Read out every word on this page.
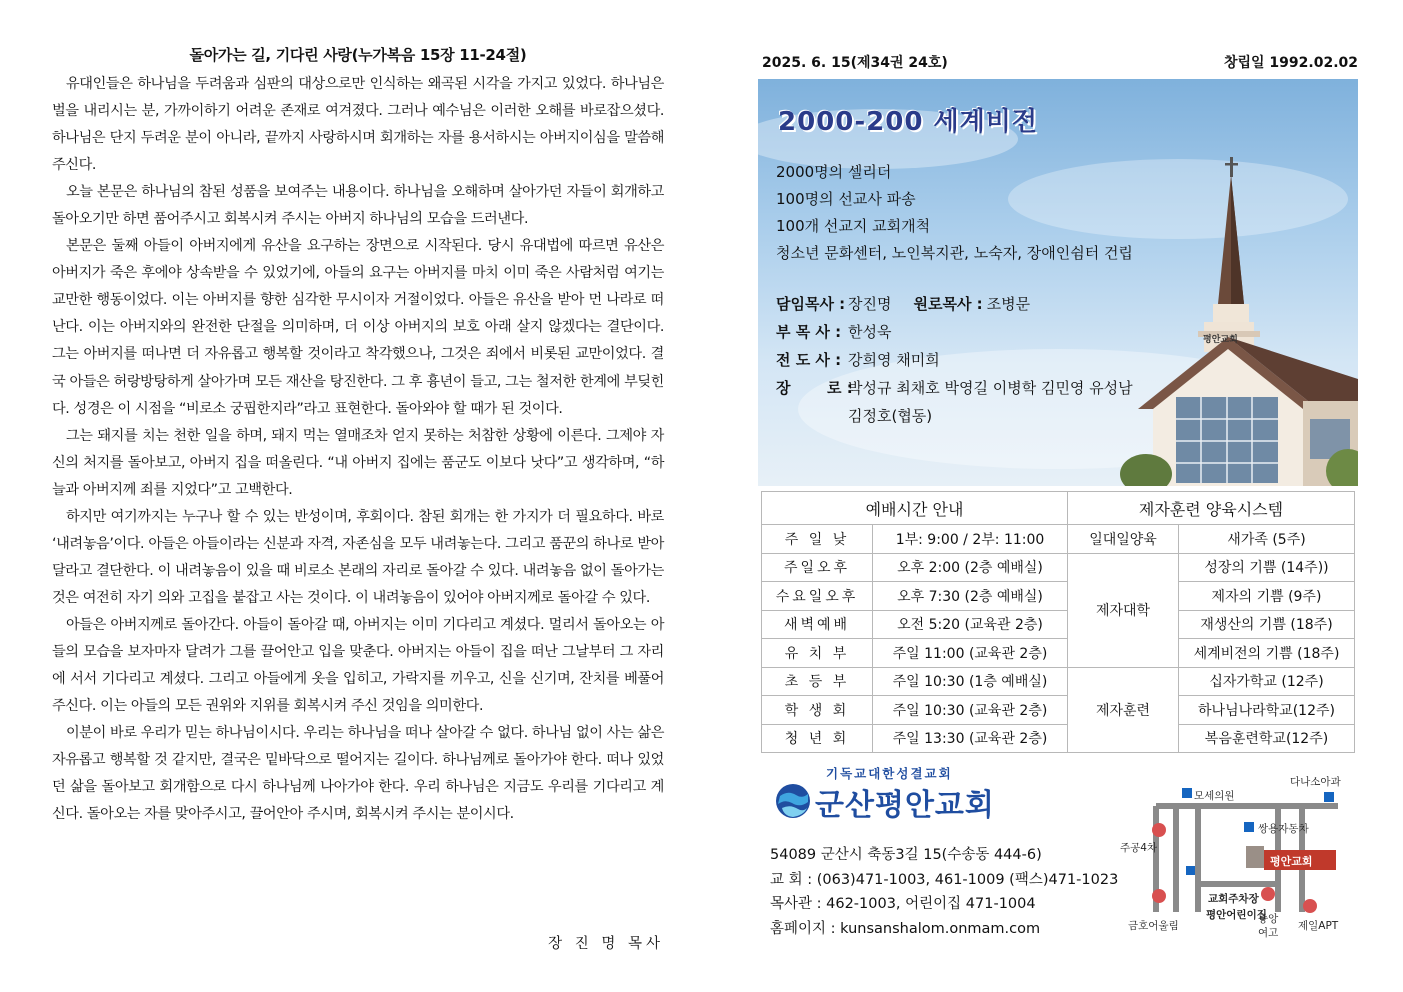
돌아가는 길, 기다린 사랑(누가복음 15장 11-24절)

유대인들은 하나님을 두려움과 심판의 대상으로만 인식하는 왜곡된 시각을 가지고 있었다. 하나님은 벌을 내리시는 분, 가까이하기 어려운 존재로 여겨졌다. 그러나 예수님은 이러한 오해를 바로잡으셨다. 하나님은 단지 두려운 분이 아니라, 끝까지 사랑하시며 회개하는 자를 용서하시는 아버지이심을 말씀해주신다.

오늘 본문은 하나님의 참된 성품을 보여주는 내용이다. 하나님을 오해하며 살아가던 자들이 회개하고 돌아오기만 하면 품어주시고 회복시켜 주시는 아버지 하나님의 모습을 드러낸다.

본문은 둘째 아들이 아버지에게 유산을 요구하는 장면으로 시작된다. 당시 유대법에 따르면 유산은 아버지가 죽은 후에야 상속받을 수 있었기에, 아들의 요구는 아버지를 마치 이미 죽은 사람처럼 여기는 교만한 행동이었다. 이는 아버지를 향한 심각한 무시이자 거절이었다. 아들은 유산을 받아 먼 나라로 떠난다. 이는 아버지와의 완전한 단절을 의미하며, 더 이상 아버지의 보호 아래 살지 않겠다는 결단이다. 그는 아버지를 떠나면 더 자유롭고 행복할 것이라고 착각했으나, 그것은 죄에서 비롯된 교만이었다. 결국 아들은 허랑방탕하게 살아가며 모든 재산을 탕진한다. 그 후 흉년이 들고, 그는 철저한 한계에 부딪힌다. 성경은 이 시점을 “비로소 궁핍한지라”라고 표현한다. 돌아와야 할 때가 된 것이다.

그는 돼지를 치는 천한 일을 하며, 돼지 먹는 열매조차 얻지 못하는 처참한 상황에 이른다. 그제야 자신의 처지를 돌아보고, 아버지 집을 떠올린다. “내 아버지 집에는 품군도 이보다 낫다”고 생각하며, “하늘과 아버지께 죄를 지었다”고 고백한다.

하지만 여기까지는 누구나 할 수 있는 반성이며, 후회이다. 참된 회개는 한 가지가 더 필요하다. 바로 ‘내려놓음’이다. 아들은 아들이라는 신분과 자격, 자존심을 모두 내려놓는다. 그리고 품꾼의 하나로 받아 달라고 결단한다. 이 내려놓음이 있을 때 비로소 본래의 자리로 돌아갈 수 있다. 내려놓음 없이 돌아가는 것은 여전히 자기 의와 고집을 붙잡고 사는 것이다. 이 내려놓음이 있어야 아버지께로 돌아갈 수 있다.

아들은 아버지께로 돌아간다. 아들이 돌아갈 때, 아버지는 이미 기다리고 계셨다. 멀리서 돌아오는 아들의 모습을 보자마자 달려가 그를 끌어안고 입을 맞춘다. 아버지는 아들이 집을 떠난 그날부터 그 자리에 서서 기다리고 계셨다. 그리고 아들에게 옷을 입히고, 가락지를 끼우고, 신을 신기며, 잔치를 베풀어 주신다. 이는 아들의 모든 권위와 지위를 회복시켜 주신 것임을 의미한다.

이분이 바로 우리가 믿는 하나님이시다. 우리는 하나님을 떠나 살아갈 수 없다. 하나님 없이 사는 삶은 자유롭고 행복할 것 같지만, 결국은 밑바닥으로 떨어지는 길이다. 하나님께로 돌아가야 한다. 떠나 있었던 삶을 돌아보고 회개함으로 다시 하나님께 나아가야 한다. 우리 하나님은 지금도 우리를 기다리고 계신다. 돌아오는 자를 맞아주시고, 끌어안아 주시며, 회복시켜 주시는 분이시다.

장 진 명 목사
2025. 6. 15(제34권 24호)	창립일 1992.02.02
평안교회
2000-200 세계비전
2000명의 셀리더
100명의 선교사 파송
100개 선교지 교회개척
청소년 문화센터, 노인복지관, 노숙자, 장애인쉼터 건립
담임목사 : 장진명 원로목사 : 조병문
부 목 사 : 한성욱
전 도 사 : 강희영 채미희
장       로 :
박성규 최채호 박영길 이병학 김민영 유성남
김정호(협동)
예배시간 안내		제자훈련 양육시스템	
주 일 낮	1부: 9:00 / 2부: 11:00	일대일양육	새가족 (5주)
주일오후	오후 2:00 (2층 예배실)	제자대학	성장의 기쁨 (14주))
수요일오후	오후 7:30 (2층 예배실)		제자의 기쁨 (9주)
새벽예배	오전 5:20 (교육관 2층)		재생산의 기쁨 (18주)
유 치 부	주일 11:00 (교육관 2층)		세계비전의 기쁨 (18주)
초 등 부	주일 10:30 (1층 예배실)	제자훈련	십자가학교 (12주)
학 생 회	주일 10:30 (교육관 2층)		하나님나라학교(12주)
청 년 회	주일 13:30 (교육관 2층)		복음훈련학교(12주)
기독교대한성결교회
군산평안교회
54089 군산시 축동3길 15(수송동 444-6)
교 회 : (063)471-1003, 461-1009 (팩스)471-1023
목사관 : 462-1003, 어린이집 471-1004
홈페이지 : kunsanshalom.onmam.com
모세의원
다나소아과
쌍용자동차
주공4차
평안교회
교회주차장
평안어린이집
중앙
여고
제일APT
금호어울림
